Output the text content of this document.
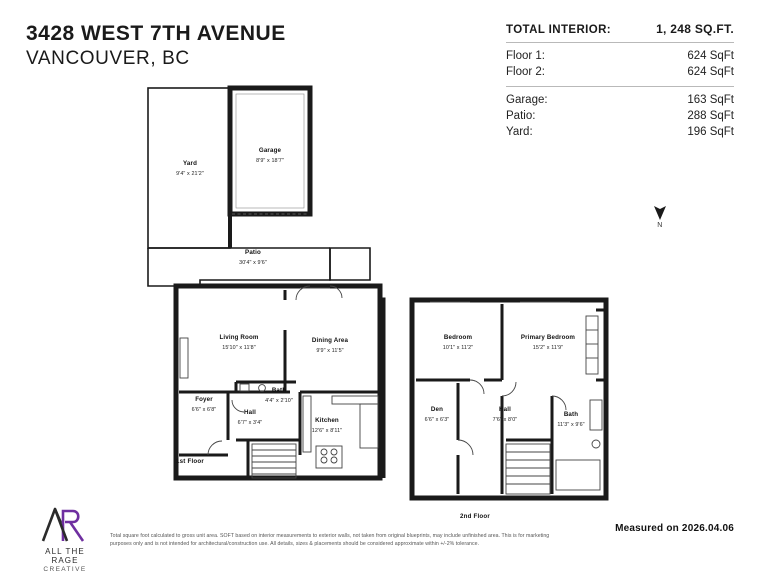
3428 WEST 7TH AVENUE
VANCOUVER, BC
TOTAL INTERIOR:	1, 248 SQ.FT.
Floor 1:	624 SqFt
Floor 2:	624 SqFt
Garage:	163 SqFt
Patio:	288 SqFt
Yard:	196 SqFt
N
Yard
9'4" x 21'2"
Garage
8'9" x 18'7"
Patio
30'4" x 9'6"
Living Room
15'10" x 11'8"
Dining Area
9'9" x 11'5"
Bath
4'4" x 2'10"
Foyer
6'6" x 6'8"	Hall
6'7" x 3'4"	Kitchen
12'6" x 8'11"
Bedroom
10'1" x 11'2"
Primary Bedroom
15'2" x 11'9"
Den
6'6" x 6'3"
Hall
7'6" x 8'0"
Bath
11'3" x 9'6"
1st Floor
2nd Floor
ALL THE RAGE
CREATIVE
Total square foot calculated to gross unit area. SOFT based on interior measurements to exterior walls, not taken from original blueprints, may include unfinished area. This is for marketing purposes only and is not intended for architectural/construction use. All details, sizes & placements should be considered approximate within +/-2% tolerance.
Measured on 2026.04.06
